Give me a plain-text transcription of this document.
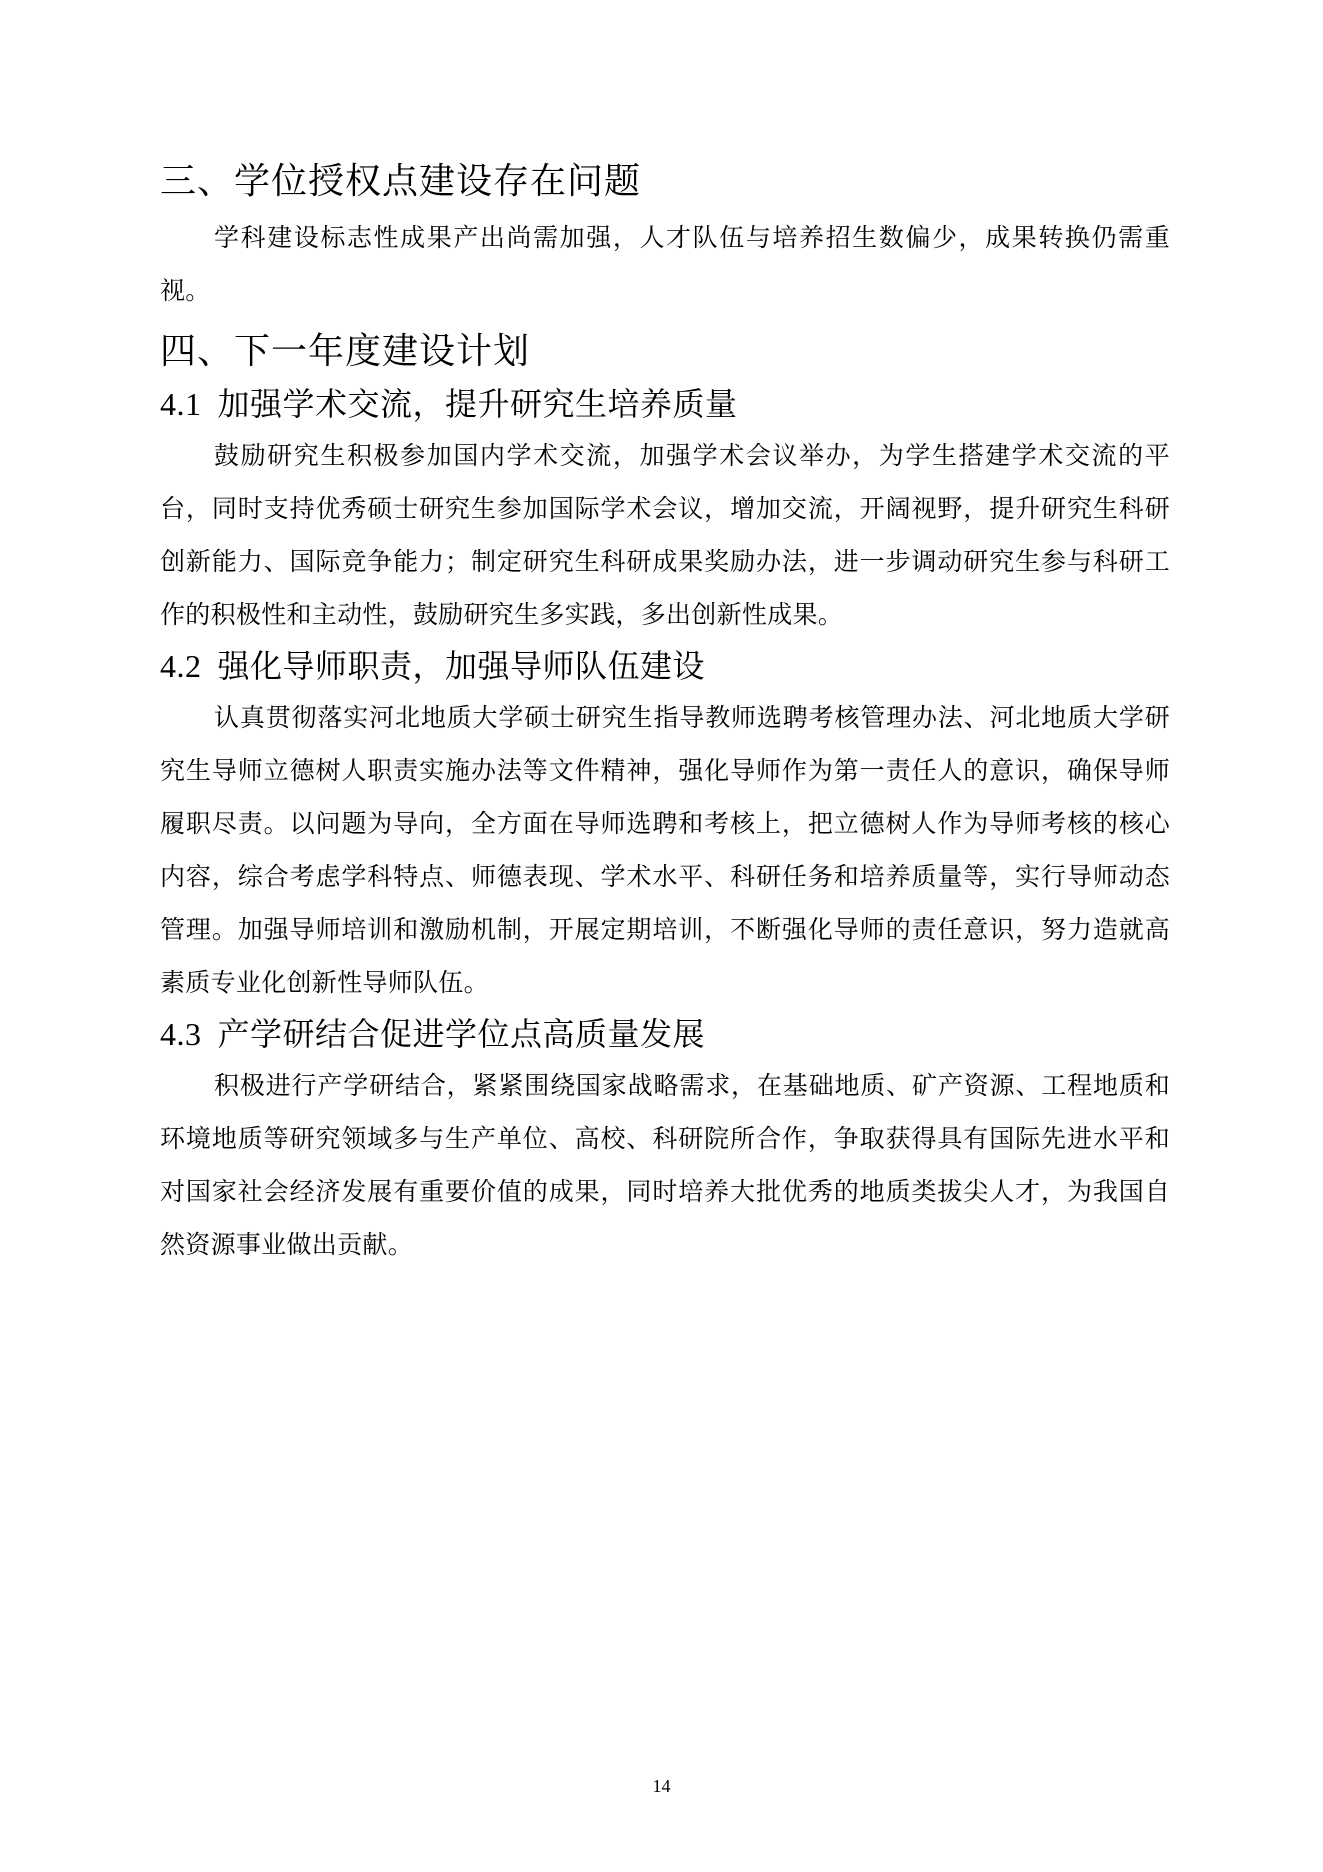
三、学位授权点建设存在问题

学科建设标志性成果产出尚需加强，人才队伍与培养招生数偏少，成果转换仍需重视。

四、下一年度建设计划
4.1 加强学术交流，提升研究生培养质量

鼓励研究生积极参加国内学术交流，加强学术会议举办，为学生搭建学术交流的平台，同时支持优秀硕士研究生参加国际学术会议，增加交流，开阔视野，提升研究生科研创新能力、国际竞争能力；制定研究生科研成果奖励办法，进一步调动研究生参与科研工作的积极性和主动性，鼓励研究生多实践，多出创新性成果。

4.2 强化导师职责，加强导师队伍建设

认真贯彻落实河北地质大学硕士研究生指导教师选聘考核管理办法、河北地质大学研究生导师立德树人职责实施办法等文件精神，强化导师作为第一责任人的意识，确保导师履职尽责。以问题为导向，全方面在导师选聘和考核上，把立德树人作为导师考核的核心内容，综合考虑学科特点、师德表现、学术水平、科研任务和培养质量等，实行导师动态管理。加强导师培训和激励机制，开展定期培训，不断强化导师的责任意识，努力造就高素质专业化创新性导师队伍。

4.3 产学研结合促进学位点高质量发展

积极进行产学研结合，紧紧围绕国家战略需求，在基础地质、矿产资源、工程地质和环境地质等研究领域多与生产单位、高校、科研院所合作，争取获得具有国际先进水平和对国家社会经济发展有重要价值的成果，同时培养大批优秀的地质类拔尖人才，为我国自然资源事业做出贡献。

14
